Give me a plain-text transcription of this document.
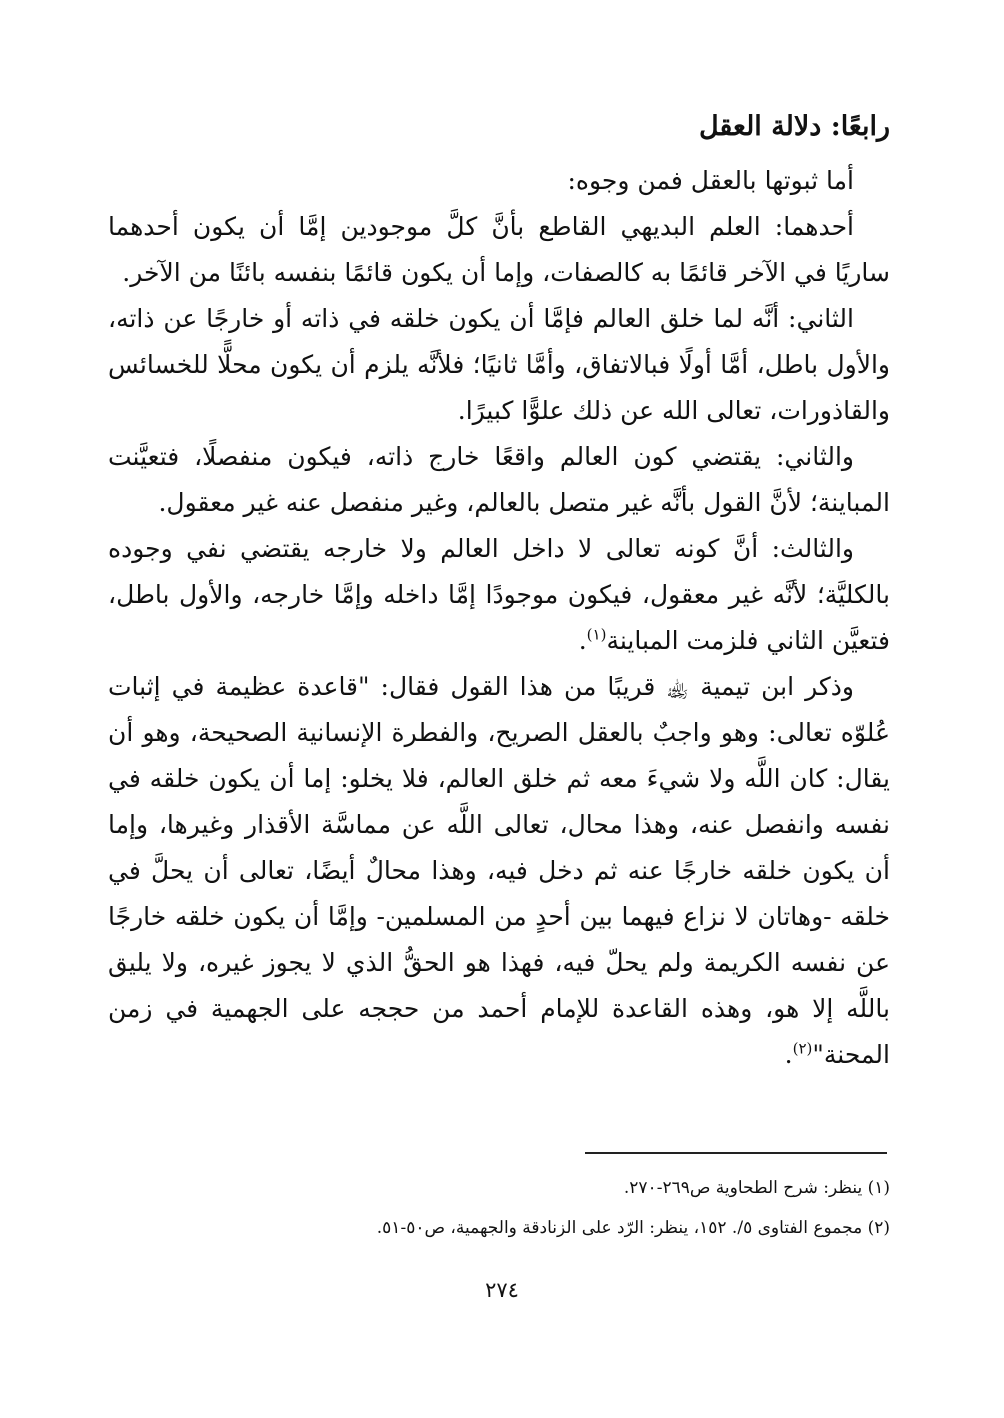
رابعًا: دلالة العقل

أما ثبوتها بالعقل فمن وجوه:

أحدهما: العلم البديهي القاطع بأنَّ كلَّ موجودين إمَّا أن يكون أحدهما ساريًا في الآخر قائمًا به كالصفات، وإما أن يكون قائمًا بنفسه بائنًا من الآخر.

الثاني: أنَّه لما خلق العالم فإمَّا أن يكون خلقه في ذاته أو خارجًا عن ذاته، والأول باطل، أمَّا أولًا فبالاتفاق، وأمَّا ثانيًا؛ فلأنَّه يلزم أن يكون محلًّا للخسائس والقاذورات، تعالى الله عن ذلك علوًّا كبيرًا.

والثاني: يقتضي كون العالم واقعًا خارج ذاته، فيكون منفصلًا، فتعيَّنت المباينة؛ لأنَّ القول بأنَّه غير متصل بالعالم، وغير منفصل عنه غير معقول.

والثالث: أنَّ كونه تعالى لا داخل العالم ولا خارجه يقتضي نفي وجوده بالكليَّة؛ لأنَّه غير معقول، فيكون موجودًا إمَّا داخله وإمَّا خارجه، والأول باطل، فتعيَّن الثاني فلزمت المباينة$^{(١)}$.

وذكر ابن تيمية ﵀ قريبًا من هذا القول فقال: "قاعدة عظيمة في إثبات عُلوّه تعالى: وهو واجبٌ بالعقل الصريح، والفطرة الإنسانية الصحيحة، وهو أن يقال: كان اللَّه ولا شيءَ معه ثم خلق العالم، فلا يخلو: إما أن يكون خلقه في نفسه وانفصل عنه، وهذا محال، تعالى اللَّه عن مماسَّة الأقذار وغيرها، وإما أن يكون خلقه خارجًا عنه ثم دخل فيه، وهذا محالٌ أيضًا، تعالى أن يحلَّ في خلقه -وهاتان لا نزاع فيهما بين أحدٍ من المسلمين- وإمَّا أن يكون خلقه خارجًا عن نفسه الكريمة ولم يحلّ فيه، فهذا هو الحقُّ الذي لا يجوز غيره، ولا يليق باللَّه إلا هو، وهذه القاعدة للإمام أحمد من حججه على الجهمية في زمن المحنة"$^{(٢)}$.

(١) ينظر: شرح الطحاوية ص٢٦٩-٢٧٠.

(٢) مجموع الفتاوى ٥/. ١٥٢، ينظر: الرّد على الزنادقة والجهمية، ص٥٠-٥١.

٢٧٤
